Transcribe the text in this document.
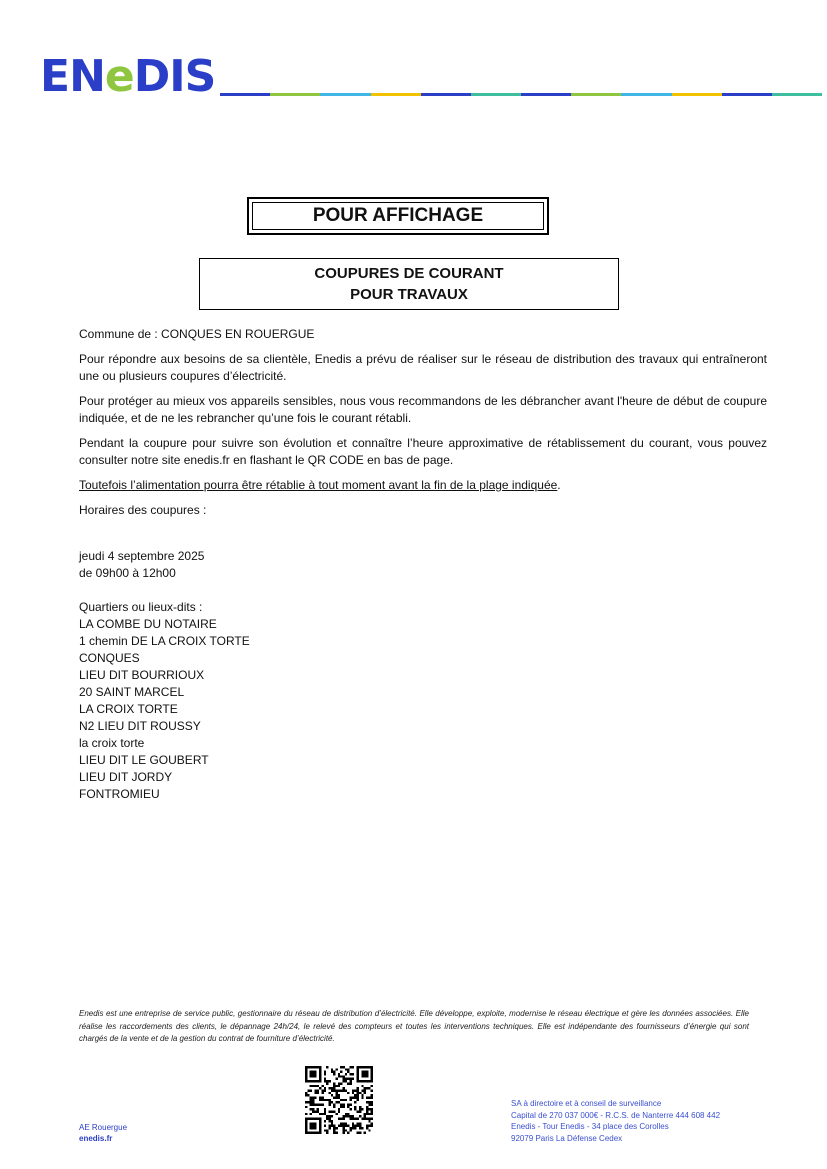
ENeDIS
POUR AFFICHAGE
COUPURES DE COURANT
POUR TRAVAUX

Commune de : CONQUES EN ROUERGUE

Pour répondre aux besoins de sa clientèle, Enedis a prévu de réaliser sur le réseau de distribution des travaux qui entraîneront une ou plusieurs coupures d’électricité.

Pour protéger au mieux vos appareils sensibles, nous vous recommandons de les débrancher avant l'heure de début de coupure indiquée, et de ne les rebrancher qu’une fois le courant rétabli.

Pendant la coupure pour suivre son évolution et connaître l’heure approximative de rétablissement du courant, vous pouvez consulter notre site enedis.fr en flashant le QR CODE en bas de page.

Toutefois l’alimentation pourra être rétablie à tout moment avant la fin de la plage indiquée.

Horaires des coupures :

jeudi 4 septembre 2025
de 09h00 à 12h00
Quartiers ou lieux-dits :
LA COMBE DU NOTAIRE
1 chemin DE LA CROIX TORTE
CONQUES
LIEU DIT BOURRIOUX
20 SAINT MARCEL
LA CROIX TORTE
N2 LIEU DIT ROUSSY
la croix torte
LIEU DIT LE GOUBERT
LIEU DIT JORDY
FONTROMIEU
Enedis est une entreprise de service public, gestionnaire du réseau de distribution d’électricité. Elle développe, exploite, modernise le réseau électrique et gère les données associées. Elle réalise les raccordements des clients, le dépannage 24h/24, le relevé des compteurs et toutes les interventions techniques. Elle est indépendante des fournisseurs d’énergie qui sont chargés de la vente et de la gestion du contrat de fourniture d’électricité.
AE Rouergue
enedis.fr
SA à directoire et à conseil de surveillance
Capital de 270 037 000€ - R.C.S. de Nanterre 444 608 442
Enedis - Tour Enedis - 34 place des Corolles
92079 Paris La Défense Cedex
